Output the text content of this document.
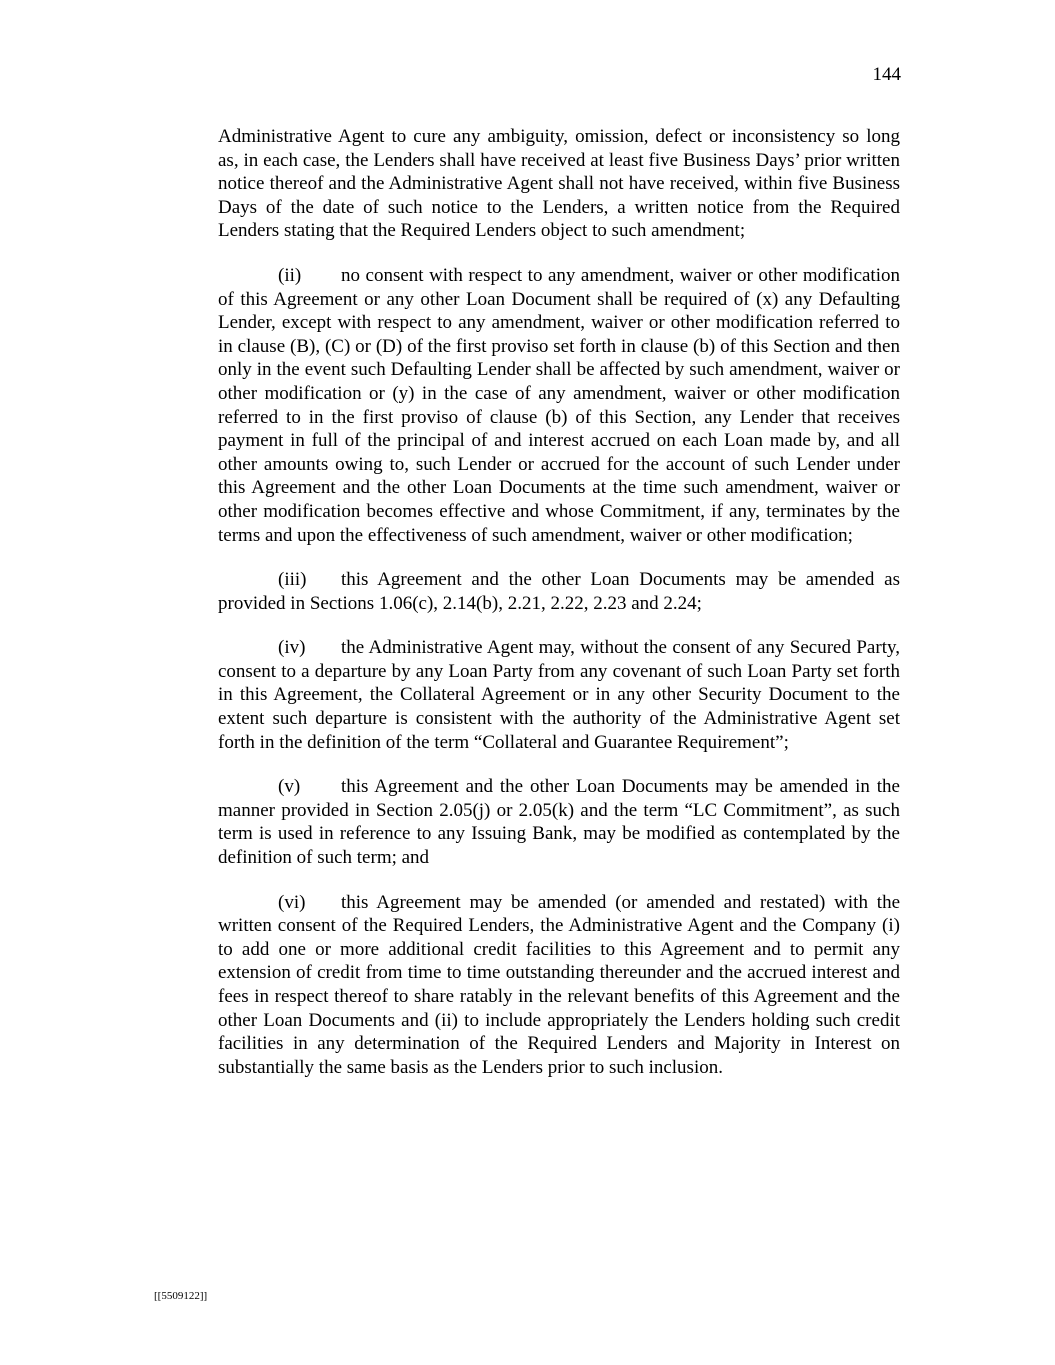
144

Administrative Agent to cure any ambiguity, omission, defect or inconsistency so long as, in each case, the Lenders shall have received at least five Business Days’ prior written notice thereof and the Administrative Agent shall not have received, within five Business Days of the date of such notice to the Lenders, a written notice from the Required Lenders stating that the Required Lenders object to such amendment;

(ii) no consent with respect to any amendment, waiver or other modification of this Agreement or any other Loan Document shall be required of (x) any Defaulting Lender, except with respect to any amendment, waiver or other modification referred to in clause (B), (C) or (D) of the first proviso set forth in clause (b) of this Section and then only in the event such Defaulting Lender shall be affected by such amendment, waiver or other modification or (y) in the case of any amendment, waiver or other modification referred to in the first proviso of clause (b) of this Section, any Lender that receives payment in full of the principal of and interest accrued on each Loan made by, and all other amounts owing to, such Lender or accrued for the account of such Lender under this Agreement and the other Loan Documents at the time such amendment, waiver or other modification becomes effective and whose Commitment, if any, terminates by the terms and upon the effectiveness of such amendment, waiver or other modification;

(iii) this Agreement and the other Loan Documents may be amended as provided in Sections 1.06(c), 2.14(b), 2.21, 2.22, 2.23 and 2.24;

(iv) the Administrative Agent may, without the consent of any Secured Party, consent to a departure by any Loan Party from any covenant of such Loan Party set forth in this Agreement, the Collateral Agreement or in any other Security Document to the extent such departure is consistent with the authority of the Administrative Agent set forth in the definition of the term “Collateral and Guarantee Requirement”;

(v) this Agreement and the other Loan Documents may be amended in the manner provided in Section 2.05(j) or 2.05(k) and the term “LC Commitment”, as such term is used in reference to any Issuing Bank, may be modified as contemplated by the definition of such term; and

(vi) this Agreement may be amended (or amended and restated) with the written consent of the Required Lenders, the Administrative Agent and the Company (i) to add one or more additional credit facilities to this Agreement and to permit any extension of credit from time to time outstanding thereunder and the accrued interest and fees in respect thereof to share ratably in the relevant benefits of this Agreement and the other Loan Documents and (ii) to include appropriately the Lenders holding such credit facilities in any determination of the Required Lenders and Majority in Interest on substantially the same basis as the Lenders prior to such inclusion.

[[5509122]]
